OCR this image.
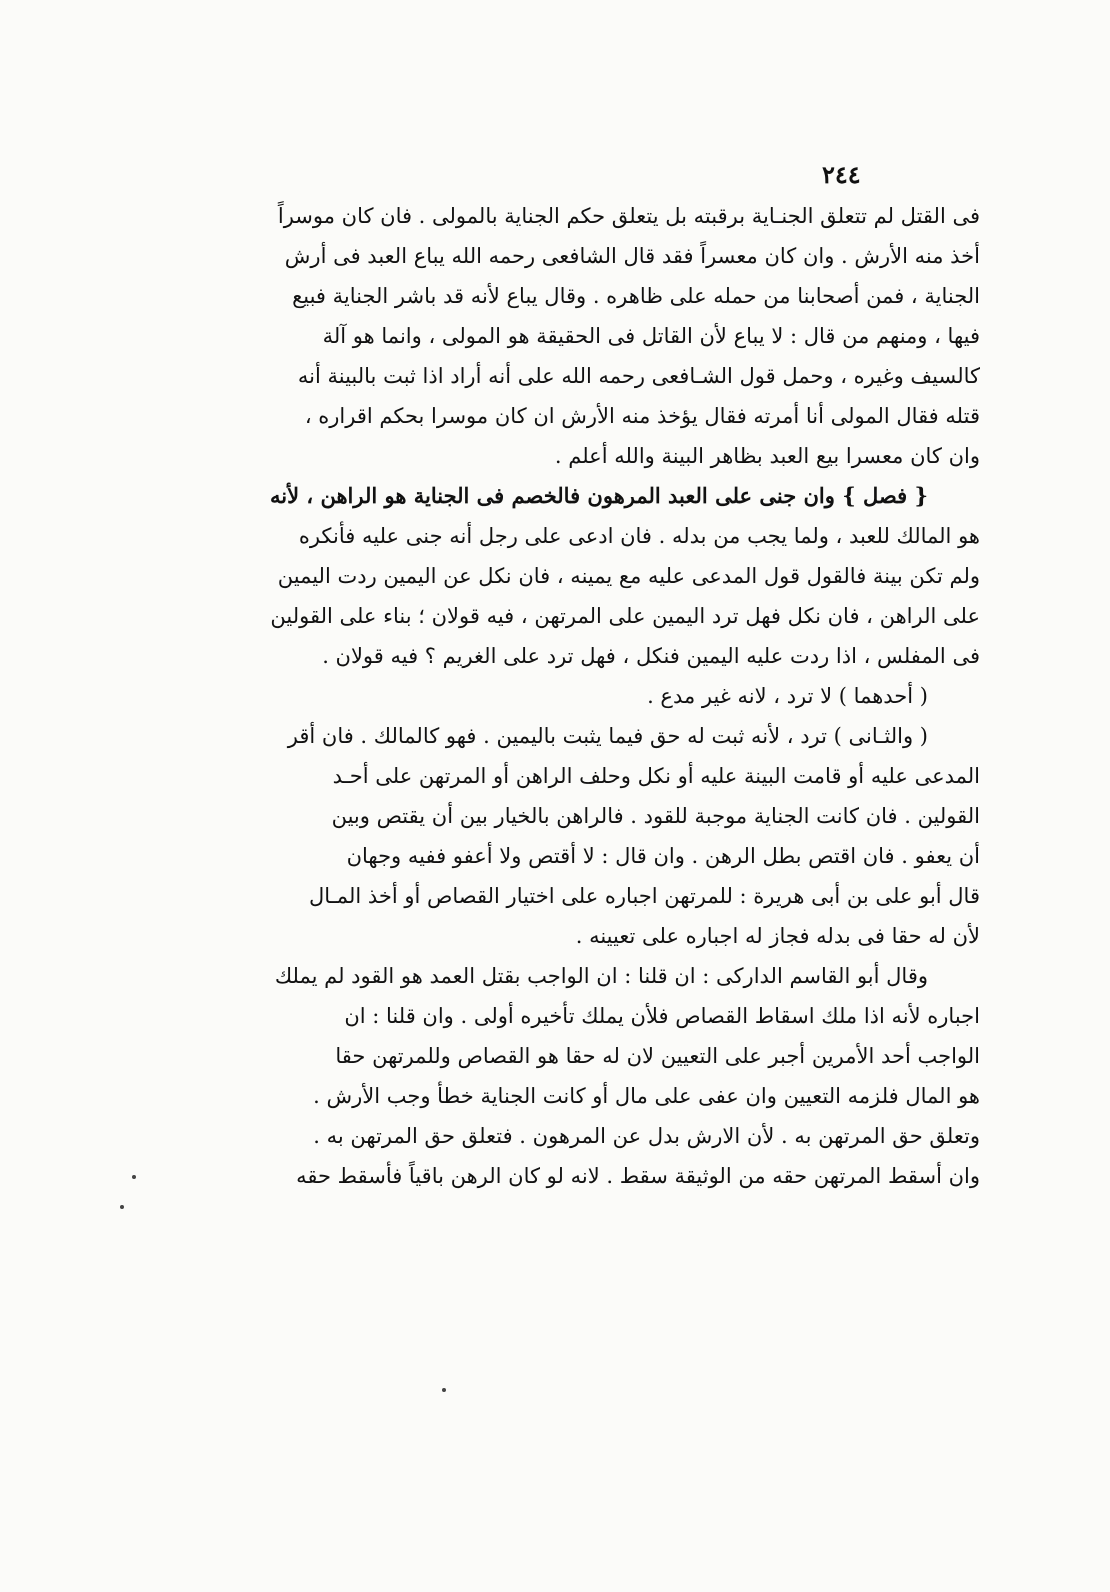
٢٤٤
فى القتل لم تتعلق الجنـاية برقبته بل يتعلق حكم الجناية بالمولى . فان كان موسراً
أخذ منه الأرش . وان كان معسراً فقد قال الشافعى رحمه الله يباع العبد فى أرش
الجناية ، فمن أصحابنا من حمله على ظاهره . وقال يباع لأنه قد باشر الجناية فبيع
فيها ، ومنهم من قال : لا يباع لأن القاتل فى الحقيقة هو المولى ، وانما هو آلة
كالسيف وغيره ، وحمل قول الشـافعى رحمه الله على أنه أراد اذا ثبت بالبينة أنه
قتله فقال المولى أنا أمرته فقال يؤخذ منه الأرش ان كان موسرا بحكم اقراره ،
وان كان معسرا بيع العبد بظاهر البينة والله أعلم .
{ فصل } وان جنى على العبد المرهون فالخصم فى الجناية هو الراهن ، لأنه
هو المالك للعبد ، ولما يجب من بدله . فان ادعى على رجل أنه جنى عليه فأنكره
ولم تكن بينة فالقول قول المدعى عليه مع يمينه ، فان نكل عن اليمين ردت اليمين
على الراهن ، فان نكل فهل ترد اليمين على المرتهن ، فيه قولان ؛ بناء على القولين
فى المفلس ، اذا ردت عليه اليمين فنكل ، فهل ترد على الغريم ؟ فيه قولان .
( أحدهما ) لا ترد ، لانه غير مدع .
( والثـانى ) ترد ، لأنه ثبت له حق فيما يثبت باليمين . فهو كالمالك . فان أقر
المدعى عليه أو قامت البينة عليه أو نكل وحلف الراهن أو المرتهن على أحـد
القولين . فان كانت الجناية موجبة للقود . فالراهن بالخيار بين أن يقتص وبين
أن يعفو . فان اقتص بطل الرهن . وان قال : لا أقتص ولا أعفو ففيه وجهان
قال أبو على بن أبى هريرة : للمرتهن اجباره على اختيار القصاص أو أخذ المـال
لأن له حقا فى بدله فجاز له اجباره على تعيينه .
وقال أبو القاسم الداركى : ان قلنا : ان الواجب بقتل العمد هو القود لم يملك
اجباره لأنه اذا ملك اسقاط القصاص فلأن يملك تأخيره أولى . وان قلنا : ان
الواجب أحد الأمرين أجبر على التعيين لان له حقا هو القصاص وللمرتهن حقا
هو المال فلزمه التعيين وان عفى على مال أو كانت الجناية خطأ وجب الأرش .
وتعلق حق المرتهن به . لأن الارش بدل عن المرهون . فتعلق حق المرتهن به .
وان أسقط المرتهن حقه من الوثيقة سقط . لانه لو كان الرهن باقياً فأسقط حقه
